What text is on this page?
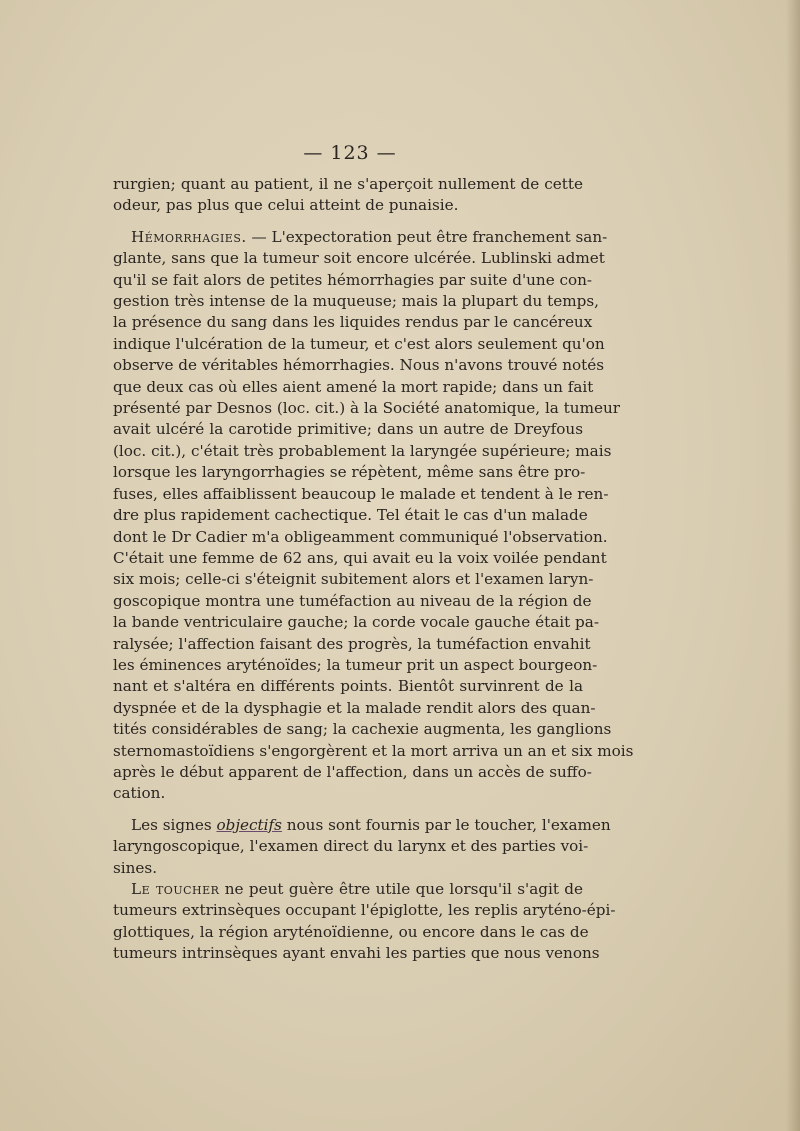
— 123 —
rurgien; quant au patient, il ne s'aperçoit nullement de cette
odeur, pas plus que celui atteint de punaisie.
Hémorrhagies. — L'expectoration peut être franchement san-
glante, sans que la tumeur soit encore ulcérée. Lublinski admet
qu'il se fait alors de petites hémorrhagies par suite d'une con-
gestion très intense de la muqueuse; mais la plupart du temps,
la présence du sang dans les liquides rendus par le cancéreux
indique l'ulcération de la tumeur, et c'est alors seulement qu'on
observe de véritables hémorrhagies. Nous n'avons trouvé notés
que deux cas où elles aient amené la mort rapide; dans un fait
présenté par Desnos (loc. cit.) à la Société anatomique, la tumeur
avait ulcéré la carotide primitive; dans un autre de Dreyfous
(loc. cit.), c'était très probablement la laryngée supérieure; mais
lorsque les laryngorrhagies se répètent, même sans être pro-
fuses, elles affaiblissent beaucoup le malade et tendent à le ren-
dre plus rapidement cachectique. Tel était le cas d'un malade
dont le Dr Cadier m'a obligeamment communiqué l'observation.
C'était une femme de 62 ans, qui avait eu la voix voilée pendant
six mois; celle-ci s'éteignit subitement alors et l'examen laryn-
goscopique montra une tuméfaction au niveau de la région de
la bande ventriculaire gauche; la corde vocale gauche était pa-
ralysée; l'affection faisant des progrès, la tuméfaction envahit
les éminences aryténoïdes; la tumeur prit un aspect bourgeon-
nant et s'altéra en différents points. Bientôt survinrent de la
dyspnée et de la dysphagie et la malade rendit alors des quan-
tités considérables de sang; la cachexie augmenta, les ganglions
sternomastoïdiens s'engorgèrent et la mort arriva un an et six mois
après le début apparent de l'affection, dans un accès de suffo-
cation.
Les signes objectifs nous sont fournis par le toucher, l'examen
laryngoscopique, l'examen direct du larynx et des parties voi-
sines.
Le toucher ne peut guère être utile que lorsqu'il s'agit de
tumeurs extrinsèques occupant l'épiglotte, les replis aryténo-épi-
glottiques, la région aryténoïdienne, ou encore dans le cas de
tumeurs intrinsèques ayant envahi les parties que nous venons
